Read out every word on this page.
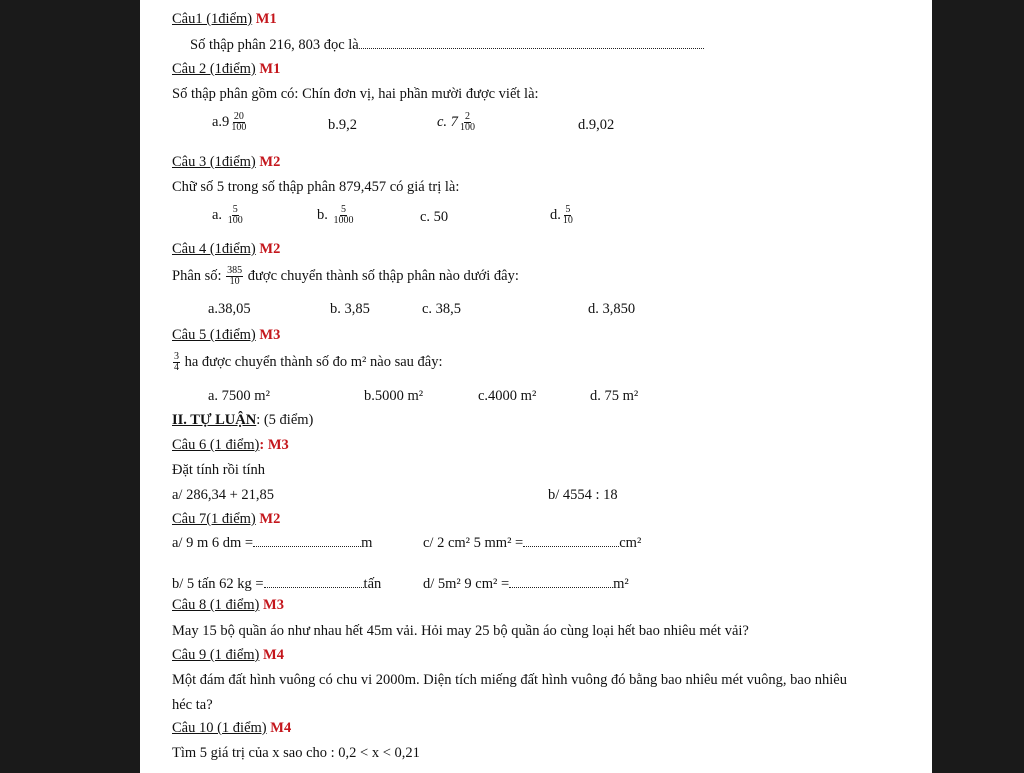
Câu1 (1điểm) M1
Số thập phân 216, 803 đọc là
Câu 2 (1điểm) M1
Số thập phân gồm có: Chín đơn vị, hai phần mười được viết là:
$a.9 \frac{20}{100}$	b.9,2	c. $7 \frac{2}{100}$	d.9,02
Câu 3 (1điểm) M2
Chữ số 5 trong số thập phân 879,457 có giá trị là:
a. $\frac{5}{100}$	b. $\frac{5}{1000}$	c. 50	d. $\frac{5}{10}$
Câu 4 (1điểm) M2
Phân số: $\frac{385}{10}$ được chuyển thành số thập phân nào dưới đây:
a.38,05	b. 3,85	c. 38,5	d. 3,850
Câu 5 (1điểm) M3
$\frac{3}{4}$ ha được chuyển thành số đo m² nào sau đây:
a. 7500 m²	b.5000 m²	c.4000 m²	d. 75 m²
II. TỰ LUẬN: (5 điểm)
Câu 6 (1 điểm): M3
Đặt tính rồi tính
a/ 286,34 + 21,85	b/ 4554 : 18
Câu 7(1 điểm) M2
a/ 9 m 6 dm =	m	c/ 2 cm² 5 mm² =	cm²
b/ 5 tấn 62 kg =	tấn	d/ 5m² 9 cm² =	m²
Câu 8 (1 điểm) M3
May 15 bộ quần áo như nhau hết 45m vải. Hỏi may 25 bộ quần áo cùng loại hết bao nhiêu mét vải?
Câu 9 (1 điểm) M4
Một đám đất hình vuông có chu vi 2000m. Diện tích miếng đất hình vuông đó bằng bao nhiêu mét vuông, bao nhiêu
héc ta?
Câu 10 (1 điểm) M4
Tìm 5 giá trị của x sao cho : 0,2 < x < 0,21
